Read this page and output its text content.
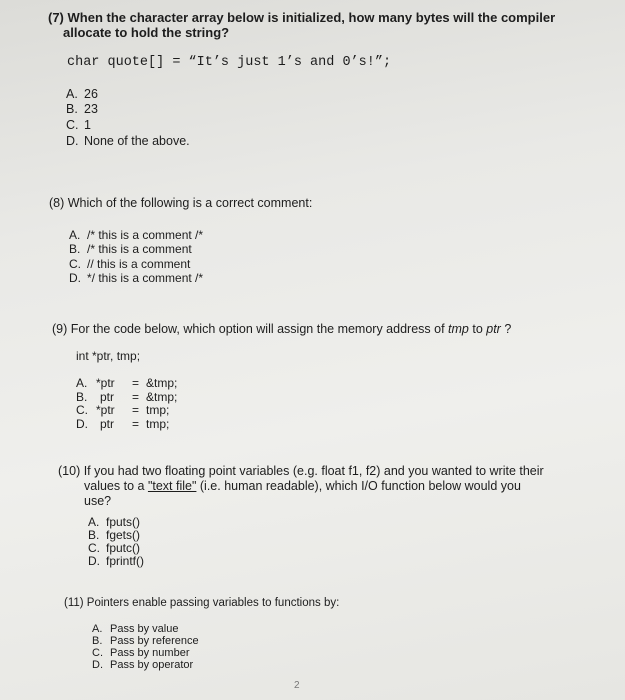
(7) When the character array below is initialized, how many bytes will the compiler
allocate to hold the string?
char quote[] = “It’s just 1’s and 0’s!”;
A. 26
B. 23
C. 1
D. None of the above.
(8) Which of the following is a correct comment:
A. /* this is a comment /*
B. /* this is a comment
C. // this is a comment
D. */ this is a comment /*
(9) For the code below, which option will assign the memory address of tmp to ptr ?
int *ptr, tmp;
A. *ptr = &tmp;
B. ptr = &tmp;
C. *ptr = tmp;
D. ptr = tmp;
(10) If you had two floating point variables (e.g. float f1, f2) and you wanted to write their
values to a "text file" (i.e. human readable), which I/O function below would you
use?
A. fputs()
B. fgets()
C. fputc()
D. fprintf()
(11) Pointers enable passing variables to functions by:
A. Pass by value
B. Pass by reference
C. Pass by number
D. Pass by operator
2
